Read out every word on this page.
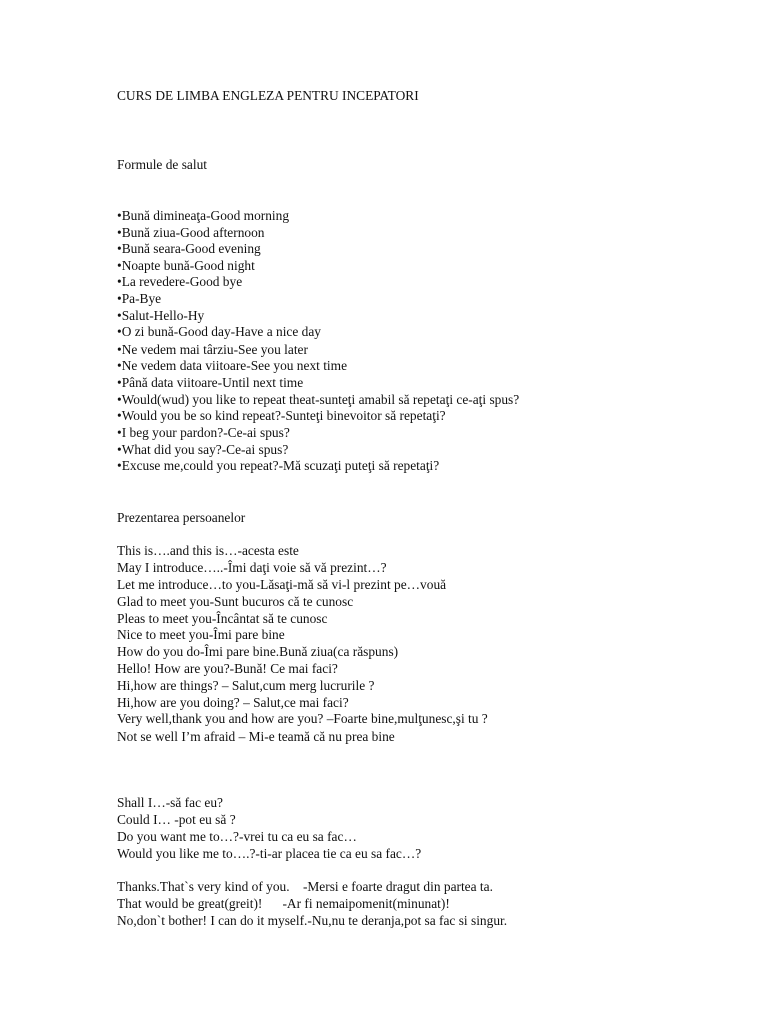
CURS DE LIMBA ENGLEZA PENTRU INCEPATORI
Formule de salut
•Bună dimineaţa-Good morning
•Bună ziua-Good afternoon
•Bună seara-Good evening
•Noapte bună-Good night
•La revedere-Good bye
•Pa-Bye
•Salut-Hello-Hy
•O zi bună-Good day-Have a nice day
•Ne vedem mai târziu-See you later
•Ne vedem data viitoare-See you next time
•Până data viitoare-Until next time
•Would(wud) you like to repeat theat-sunteţi amabil să repetaţi ce-aţi spus?
•Would you be so kind repeat?-Sunteţi binevoitor să repetaţi?
•I beg your pardon?-Ce-ai spus?
•What did you say?-Ce-ai spus?
•Excuse me,could you repeat?-Mă scuzaţi puteţi să repetaţi?
Prezentarea persoanelor
This is….and this is…-acesta este
May I introduce…..-Îmi daţi voie să vă prezint…?
Let me introduce…to you-Lăsaţi-mă să vi-l prezint pe…vouă
Glad to meet you-Sunt bucuros că te cunosc
Pleas to meet you-Încântat să te cunosc
Nice to meet you-Îmi pare bine
How do you do-Îmi pare bine.Bună ziua(ca răspuns)
Hello! How are you?-Bună! Ce mai faci?
Hi,how are things? – Salut,cum merg lucrurile ?
Hi,how are you doing? – Salut,ce mai faci?
Very well,thank you and how are you? –Foarte bine,mulţunesc,şi tu ?
Not se well I’m afraid – Mi-e teamă că nu prea bine
Shall I…-să fac eu?
Could I… -pot eu să ?
Do you want me to…?-vrei tu ca eu sa fac…
Would you like me to….?-ti-ar placea tie ca eu sa fac…?
Thanks.That`s very kind of you.    -Mersi e foarte dragut din partea ta.
That would be great(greit)!      -Ar fi nemaipomenit(minunat)!
No,don`t bother! I can do it myself.-Nu,nu te deranja,pot sa fac si singur.
